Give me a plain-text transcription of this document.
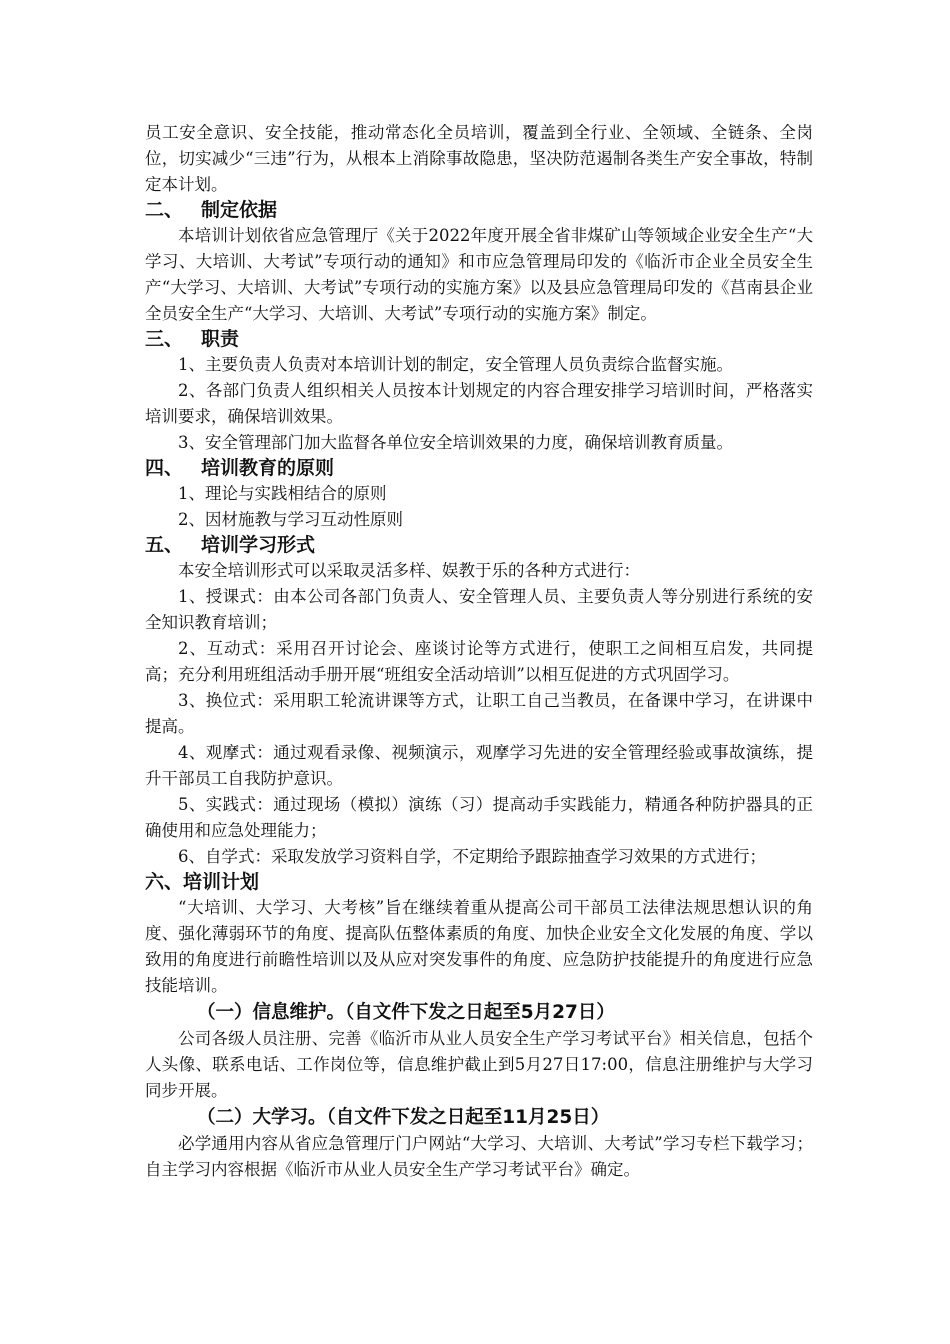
员工安全意识、安全技能，推动常态化全员培训，覆盖到全行业、全领域、全链条、全岗位，切实减少“三违”行为，从根本上消除事故隐患，坚决防范遏制各类生产安全事故，特制定本计划。

二、 制定依据

本培训计划依省应急管理厅《关于2022年度开展全省非煤矿山等领域企业安全生产“大学习、大培训、大考试”专项行动的通知》和市应急管理局印发的《临沂市企业全员安全生产“大学习、大培训、大考试”专项行动的实施方案》以及县应急管理局印发的《莒南县企业全员安全生产“大学习、大培训、大考试”专项行动的实施方案》制定。

三、 职责

1、主要负责人负责对本培训计划的制定，安全管理人员负责综合监督实施。

2、各部门负责人组织相关人员按本计划规定的内容合理安排学习培训时间，严格落实培训要求，确保培训效果。

3、安全管理部门加大监督各单位安全培训效果的力度，确保培训教育质量。

四、 培训教育的原则

1、理论与实践相结合的原则

2、因材施教与学习互动性原则

五、 培训学习形式

本安全培训形式可以采取灵活多样、娱教于乐的各种方式进行：

1、授课式：由本公司各部门负责人、安全管理人员、主要负责人等分别进行系统的安全知识教育培训；

2、互动式：采用召开讨论会、座谈讨论等方式进行，使职工之间相互启发，共同提高；充分利用班组活动手册开展“班组安全活动培训”以相互促进的方式巩固学习。

3、换位式：采用职工轮流讲课等方式，让职工自己当教员，在备课中学习，在讲课中提高。

4、观摩式：通过观看录像、视频演示，观摩学习先进的安全管理经验或事故演练，提升干部员工自我防护意识。

5、实践式：通过现场（模拟）演练（习）提高动手实践能力，精通各种防护器具的正确使用和应急处理能力；

6、自学式：采取发放学习资料自学，不定期给予跟踪抽查学习效果的方式进行；

六、培训计划

“大培训、大学习、大考核”旨在继续着重从提高公司干部员工法律法规思想认识的角度、强化薄弱环节的角度、提高队伍整体素质的角度、加快企业安全文化发展的角度、学以致用的角度进行前瞻性培训以及从应对突发事件的角度、应急防护技能提升的角度进行应急技能培训。

（一）信息维护。（自文件下发之日起至5月27日）

公司各级人员注册、完善《临沂市从业人员安全生产学习考试平台》相关信息，包括个人头像、联系电话、工作岗位等，信息维护截止到5月27日17:00，信息注册维护与大学习同步开展。

（二）大学习。（自文件下发之日起至11月25日）

必学通用内容从省应急管理厅门户网站“大学习、大培训、大考试”学习专栏下载学习；自主学习内容根据《临沂市从业人员安全生产学习考试平台》确定。
